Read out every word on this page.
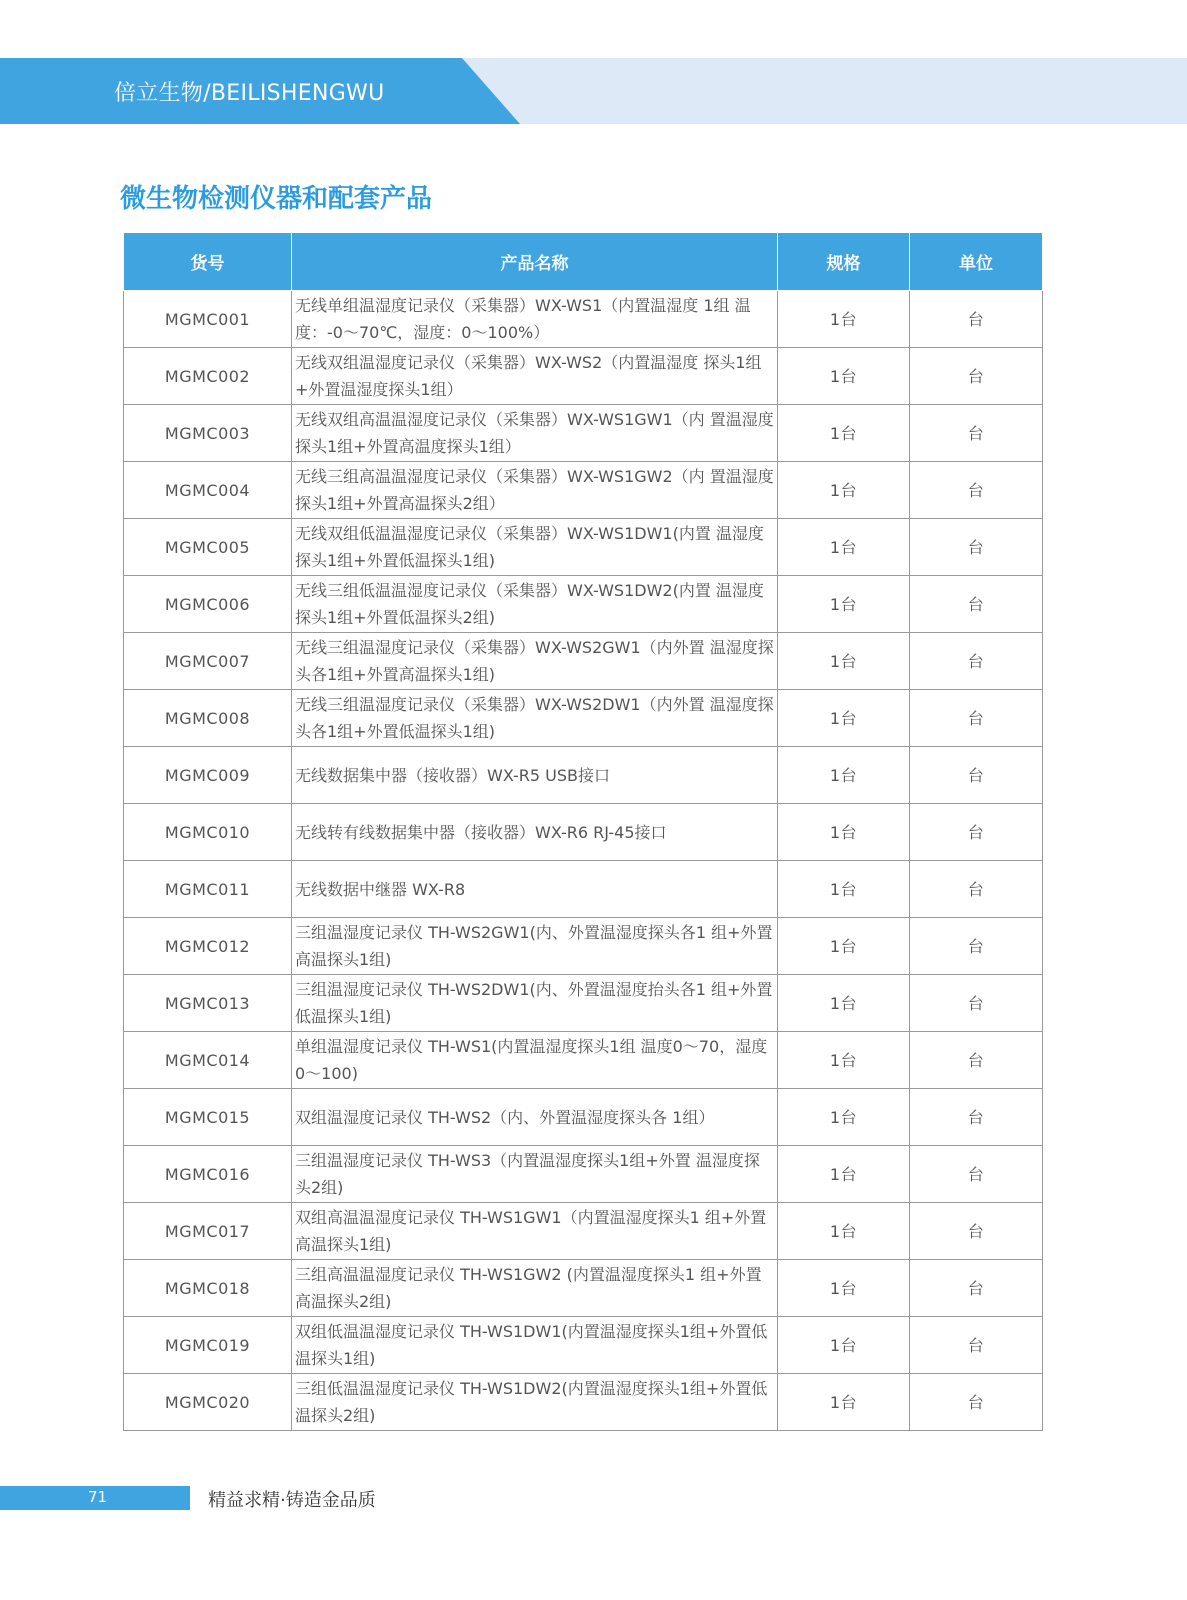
倍立生物/BEILISHENGWU
微生物检测仪器和配套产品
货号	产品名称	规格	单位
MGMC001	无线单组温湿度记录仪（采集器）WX-WS1（内置温湿度 1组 温度：-0～70℃，湿度：0～100%）	1台	台
MGMC002	无线双组温湿度记录仪（采集器）WX-WS2（内置温湿度 探头1组+外置温湿度探头1组）	1台	台
MGMC003	无线双组高温温湿度记录仪（采集器）WX-WS1GW1（内 置温湿度探头1组+外置高温度探头1组）	1台	台
MGMC004	无线三组高温温湿度记录仪（采集器）WX-WS1GW2（内 置温湿度探头1组+外置高温探头2组）	1台	台
MGMC005	无线双组低温温湿度记录仪（采集器）WX-WS1DW1(内置 温湿度探头1组+外置低温探头1组)	1台	台
MGMC006	无线三组低温温湿度记录仪（采集器）WX-WS1DW2(内置 温湿度探头1组+外置低温探头2组)	1台	台
MGMC007	无线三组温湿度记录仪（采集器）WX-WS2GW1（内外置 温湿度探头各1组+外置高温探头1组)	1台	台
MGMC008	无线三组温湿度记录仪（采集器）WX-WS2DW1（内外置 温湿度探头各1组+外置低温探头1组)	1台	台
MGMC009	无线数据集中器（接收器）WX-R5 USB接口	1台	台
MGMC010	无线转有线数据集中器（接收器）WX-R6 RJ-45接口	1台	台
MGMC011	无线数据中继器 WX-R8	1台	台
MGMC012	三组温湿度记录仪 TH-WS2GW1(内、外置温湿度探头各1 组+外置高温探头1组)	1台	台
MGMC013	三组温湿度记录仪 TH-WS2DW1(内、外置温湿度抬头各1 组+外置低温探头1组)	1台	台
MGMC014	单组温湿度记录仪 TH-WS1(内置温湿度探头1组 温度0～70，湿度0～100)	1台	台
MGMC015	双组温湿度记录仪 TH-WS2（内、外置温湿度探头各 1组）	1台	台
MGMC016	三组温湿度记录仪 TH-WS3（内置温湿度探头1组+外置 温湿度探头2组)	1台	台
MGMC017	双组高温温湿度记录仪 TH-WS1GW1（内置温湿度探头1 组+外置高温探头1组)	1台	台
MGMC018	三组高温温湿度记录仪 TH-WS1GW2 (内置温湿度探头1 组+外置高温探头2组)	1台	台
MGMC019	双组低温温湿度记录仪 TH-WS1DW1(内置温湿度探头1组+外置低温探头1组)	1台	台
MGMC020	三组低温温湿度记录仪 TH-WS1DW2(内置温湿度探头1组+外置低温探头2组)	1台	台
71	精益求精·铸造金品质
